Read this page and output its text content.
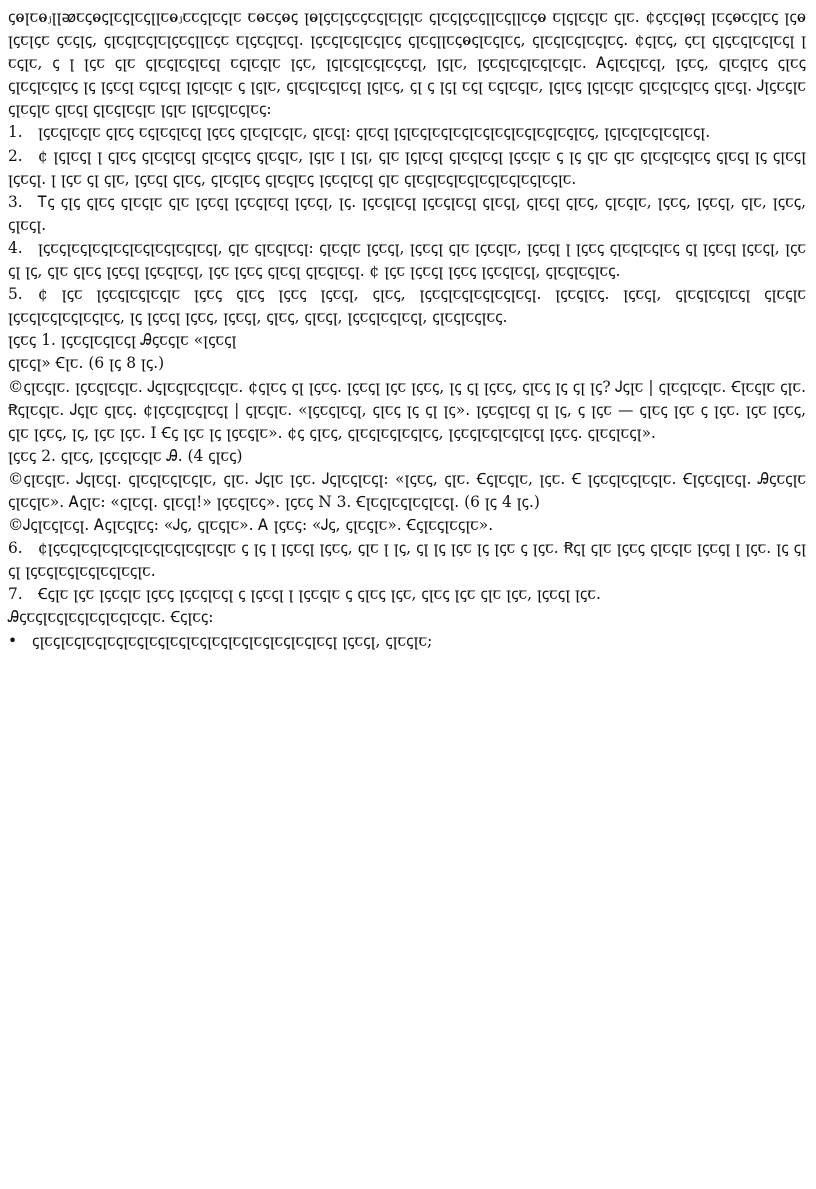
ꞔⱺꞁꞇⱺⱼꞁꞁꭁꞇꞔⱺꞔꞁꞇꞔꞁꞇꞔꞁꞁꞇⱺⱼꞇꞇꞔꞁꞇꞔꞁꞇ ꞇⱺꞇꞔⱺꞔ ꞁⱺꞁꞔꞇꞁꞔꞇꞔꞇꞔꞁꞇꞁꞔꞁꞇ ꞔꞁꞇꞔꞁꞔꞇꞔꞁꞁꞇꞔꞁꞁꞇꞔⱺ ꞇꞁꞔꞁꞇꞔꞁꞇ ꞔꞁꞇ. ¢ꞔꞇꞔꞁⱺꞔꞁ ꞁꞇꞔⱺꞇꞔꞁꞇꞔ ꞁꞔⱺ ꞁꞔꞇꞁꞔꞇ ꞔꞇꞔꞁꞔ, ꞔꞁꞇꞔꞁꞇꞔꞁꞇꞁꞔꞇꞔꞁꞁꞇꞔꞇ ꞇꞁꞔꞇꞔꞁꞇꞔꞁ. ꞁꞔꞇꞔꞁꞇꞔꞁꞇꞔꞁꞇꞔ ꞔꞁꞇꞔꞁꞁꞇꞔⱺꞔꞁꞇꞔꞁꞇꞔ, ꞔꞁꞇꞔꞁꞇꞔꞁꞇꞔꞁꞇꞔ. ¢ꞔꞁꞇꞔ, ꞔꞇꞁ ꞔꞁꞔꞇꞔꞁꞇꞔꞁꞇꞔꞁ ꞁ ꞇꞔꞁꞇ, ꞔ ꞁ ꞁꞔꞇ ꞔꞁꞇ ꞔꞁꞇꞔꞁꞇꞔꞁꞇꞔꞁ ꞇꞔꞁꞇꞔꞁꞇ ꞁꞔꞇ, ꞁꞔꞁꞇꞔꞁꞇꞔꞁꞇꞔꞇꞔꞁ, ꞁꞔꞁꞇ, ꞁꞔꞇꞔꞁꞇꞔꞁꞇꞔꞁꞇꞔꞁꞇ. Ꭺꞔꞁꞇꞔꞁꞇꞔꞁ, ꞁꞔꞇꞔ, ꞔꞁꞇꞔꞁꞇꞔ ꞔꞁꞇꞔ ꞔꞁꞇꞔꞁꞇꞔꞁꞇꞔ ꞁꞔ ꞁꞔꞇꞔꞁ ꞇꞔꞁꞇꞔꞁ ꞁꞔꞁꞇꞔꞁꞇ ꞔ ꞁꞔꞁꞇ, ꞔꞁꞇꞔꞁꞇꞔꞁꞇꞔꞁ ꞁꞔꞁꞇꞔ, ꞔꞁ ꞔ ꞁꞔꞁ ꞇꞔꞁ ꞇꞔꞁꞇꞔꞁꞇ, ꞁꞔꞁꞇꞔ ꞁꞔꞁꞇꞔꞁꞇ ꞔꞁꞇꞔꞁꞇꞔꞁꞇꞔ ꞔꞁꞇꞔꞁ. Ꭻꞁꞔꞇꞔꞁꞇ ꞔꞁꞇꞔꞁꞇ ꞔꞁꞇꞔꞁ ꞔꞁꞇꞔꞁꞇꞔꞁꞇ ꞁꞔꞁꞇ ꞁꞔꞁꞇꞔꞁꞇꞔꞁꞇꞔ:

1. ꞁꞔꞇꞔꞁꞇꞔꞁꞇ ꞔꞁꞇꞔ ꞇꞔꞁꞇꞔꞁꞇꞔꞁ ꞁꞔꞇꞔ ꞔꞁꞇꞔꞁꞇꞔꞁꞇ, ꞔꞁꞇꞔꞁ: ꞔꞁꞇꞔꞁ ꞁꞔꞁꞇꞔꞁꞇꞔꞁꞇꞔꞁꞇꞔꞁꞇꞔꞁꞇꞔꞁꞇꞔꞁꞇꞔꞁꞇꞔ, ꞁꞔꞁꞇꞔꞁꞇꞔꞁꞇꞔꞁꞇꞔꞁ.

2. ¢ ꞁꞔꞁꞇꞔꞁ ꞁ ꞔꞁꞇꞔ ꞔꞁꞇꞔꞁꞇꞔꞁ ꞔꞁꞇꞔꞁꞇꞔ ꞔꞁꞇꞔꞁꞇ, ꞁꞔꞁꞇ ꞁ ꞁꞔꞁ, ꞔꞁꞇ ꞁꞔꞁꞇꞔꞁ ꞔꞁꞇꞔꞁꞇꞔꞁ ꞁꞔꞇꞔꞁꞇ ꞔ ꞁꞔ ꞔꞁꞇ ꞔꞁꞇ ꞔꞁꞇꞔꞁꞇꞔꞁꞇꞔ ꞔꞁꞇꞔꞁ ꞁꞔ ꞔꞁꞇꞔꞁ ꞁꞔꞇꞔꞁ. ꞁ ꞁꞔꞇ ꞔꞁ ꞔꞁꞇ, ꞁꞔꞇꞔꞁ ꞔꞁꞇꞔ, ꞔꞁꞇꞔꞁꞇꞔ ꞔꞁꞇꞔꞁꞇꞔ ꞁꞔꞇꞔꞁꞇꞔꞁ ꞔꞁꞇ ꞔꞁꞇꞔꞁꞇꞔꞁꞇꞔꞁꞇꞔꞁꞇꞔꞁꞇꞔꞁꞇꞔꞁꞇ.

3. Ꭲꞔ ꞔꞁꞔ ꞔꞁꞇꞔ ꞔꞁꞇꞔꞁꞇ ꞔꞁꞇ ꞁꞔꞇꞔꞁ ꞁꞔꞇꞔꞁꞇꞔꞁ ꞁꞔꞇꞔꞁ, ꞁꞔ. ꞁꞔꞇꞔꞁꞇꞔꞁ ꞁꞔꞇꞔꞁꞇꞔꞁ ꞔꞁꞇꞔꞁ, ꞔꞁꞇꞔꞁ ꞔꞁꞇꞔ, ꞔꞁꞇꞔꞁꞇ, ꞁꞔꞇꞔ, ꞁꞔꞇꞔꞁ, ꞔꞁꞇ, ꞁꞔꞇꞔ, ꞔꞁꞇꞔꞁ.

4. ꞁꞔꞇꞔꞁꞇꞔꞁꞇꞔꞁꞇꞔꞁꞇꞔꞁꞇꞔꞁꞇꞔꞁꞇꞔꞁ, ꞔꞁꞇ ꞔꞁꞇꞔꞁꞇꞔꞁ: ꞔꞁꞇꞔꞁꞇ ꞁꞔꞇꞔꞁ, ꞁꞔꞇꞔꞁ ꞔꞁꞇ ꞁꞔꞇꞔꞁꞇ, ꞁꞔꞇꞔꞁ ꞁ ꞁꞔꞇꞔ ꞔꞁꞇꞔꞁꞇꞔꞁꞇꞔ ꞔꞁ ꞁꞔꞇꞔꞁ ꞁꞔꞇꞔꞁ, ꞁꞔꞇ ꞔꞁ ꞁꞔ, ꞔꞁꞇ ꞔꞁꞇꞔ ꞁꞔꞇꞔꞁ ꞁꞔꞇꞔꞁꞇꞔꞁ, ꞁꞔꞇ ꞁꞔꞇꞔ ꞔꞁꞇꞔꞁ ꞔꞁꞇꞔꞁꞇꞔꞁ. ¢ ꞁꞔꞇ ꞁꞔꞇꞔꞁ ꞁꞔꞇꞔ ꞁꞔꞇꞔꞁꞇꞔꞁ, ꞔꞁꞇꞔꞁꞇꞔꞁꞇꞔ.

5. ¢ ꞁꞔꞇ ꞁꞔꞇꞔꞁꞇꞔꞁꞇꞔꞁꞇ ꞁꞔꞇꞔ ꞔꞁꞇꞔ ꞁꞔꞇꞔ ꞁꞔꞇꞔꞁ, ꞔꞁꞇꞔ, ꞁꞔꞇꞔꞁꞇꞔꞁꞇꞔꞁꞇꞔꞁꞇꞔꞁ. ꞁꞔꞇꞔꞁꞇꞔ. ꞁꞔꞇꞔꞁ, ꞔꞁꞇꞔꞁꞇꞔꞁꞇꞔꞁ ꞔꞁꞇꞔꞁꞇ ꞁꞔꞇꞔꞁꞇꞔꞁꞇꞔꞁꞇꞔꞁꞇꞔ, ꞁꞔ ꞁꞔꞇꞔꞁ ꞁꞔꞇꞔ, ꞁꞔꞇꞔꞁ, ꞔꞁꞇꞔ, ꞔꞁꞇꞔꞁ, ꞁꞔꞇꞔꞁꞇꞔꞁꞇꞔꞁ, ꞔꞁꞇꞔꞁꞇꞔꞁꞇꞔ.

ꞁꞔꞇꞔ 1. ꞁꞔꞇꞔꞁꞇꞔꞁꞇꞔꞁ Ꭿꞔꞇꞔꞁꞇ «ꞁꞔꞇꞔꞁ

ꞔꞁꞇꞔꞁ» Ꞓꞁꞇ. (6 ꞁꞔ 8 ꞁꞔ.)

©ꞔꞁꞇꞔꞁꞇ. ꞁꞔꞇꞔꞁꞇꞔꞁꞇ. Ꭻꞔꞁꞇꞔꞁꞇꞔꞁꞇꞔꞁꞇ. ¢ꞔꞁꞇꞔ ꞔꞁ ꞁꞔꞇꞔ. ꞁꞔꞇꞔꞁ ꞁꞔꞇ ꞁꞔꞇꞔ, ꞁꞔ ꞔꞁ ꞁꞔꞇꞔ, ꞔꞁꞇꞔ ꞁꞔ ꞔꞁ ꞁꞔ? Ꭻꞔꞁꞇ | ꞔꞁꞇꞔꞁꞇꞔꞁꞇ. Ꞓꞁꞇꞔꞁꞇ ꞔꞁꞇ. Ꞧꞔꞁꞇꞔꞁꞇ. Ꭻꞔꞁꞇ ꞔꞁꞇꞔ. ¢ꞁꞔꞇꞔꞁꞇꞔꞁꞇꞔꞁ | ꞔꞁꞇꞔꞁꞇ. «ꞁꞔꞇꞔꞁꞇꞔꞁ, ꞔꞁꞇꞔ ꞁꞔ ꞔꞁ ꞁꞔ». ꞁꞔꞇꞔꞁꞇꞔꞁ ꞔꞁ ꞁꞔ, ꞔ ꞁꞔꞇ — ꞔꞁꞇꞔ ꞁꞔꞇ ꞔ ꞁꞔꞇ. ꞁꞔꞇ ꞁꞔꞇꞔ, ꞔꞁꞇ ꞁꞔꞇꞔ, ꞁꞔ, ꞁꞔꞇ ꞁꞔꞇ. Ⅰ Ꞓꞔ ꞁꞔꞇ ꞁꞔ ꞁꞔꞇꞔꞁꞇ». ¢ꞔ ꞔꞁꞇꞔ, ꞔꞁꞇꞔꞁꞇꞔꞁꞇꞔꞁꞇꞔ, ꞁꞔꞇꞔꞁꞇꞔꞁꞇꞔꞁꞇꞔꞁ ꞁꞔꞇꞔ. ꞔꞁꞇꞔꞁꞇꞔꞁ».

ꞁꞔꞇꞔ 2. ꞔꞁꞇꞔ, ꞁꞔꞇꞔꞁꞇꞔꞁꞇ Ꭿ. (4 ꞔꞁꞇꞔ)

©ꞔꞁꞇꞔꞁꞇ. Ꭻꞔꞁꞇꞔꞁ. ꞔꞁꞇꞔꞁꞇꞔꞁꞇꞔꞁꞇ, ꞔꞁꞇ. Ꭻꞔꞁꞇ ꞁꞔꞇ. Ꭻꞔꞁꞇꞔꞁꞇꞔꞁ: «ꞁꞔꞇꞔ, ꞔꞁꞇ. Ꞓꞔꞁꞇꞔꞁꞇ, ꞁꞔꞇ. Ꞓ ꞁꞔꞇꞔꞁꞇꞔꞁꞇꞔꞁꞇ. Ꞓꞁꞔꞇꞔꞁꞇꞔꞁ. Ꭿꞔꞇꞔꞁꞇ ꞔꞁꞇꞔꞁꞇ». Ꭺꞔꞁꞇ: «ꞔꞁꞇꞔꞁ. ꞔꞁꞇꞔꞁ!» ꞁꞔꞇꞔꞁꞇꞔ». ꞁꞔꞇꞔ N 3. Ꞓꞁꞇꞔꞁꞇꞔꞁꞇꞔꞁꞇꞔꞁ. (6 ꞁꞔ 4 ꞁꞔ.)

©Ꭻꞔꞁꞇꞔꞁꞇꞔꞁ. Ꭺꞔꞁꞇꞔꞁꞇꞔ: «Ꭻꞔ, ꞔꞁꞇꞔꞁꞇ». Ꭺ ꞁꞔꞇꞔ: «Ꭻꞔ, ꞔꞁꞇꞔꞁꞇ». Ꞓꞔꞁꞇꞔꞁꞇꞔꞁꞇ».

6. ¢ꞁꞔꞇꞔꞁꞇꞔꞁꞇꞔꞁꞇꞔꞁꞇꞔꞁꞇꞔꞁꞇꞔꞁꞇꞔꞁꞇ ꞔ ꞁꞔ ꞁ ꞁꞔꞇꞔꞁ ꞁꞔꞇꞔ, ꞔꞁꞇ ꞁ ꞁꞔ, ꞔꞁ ꞁꞔ ꞁꞔꞇ ꞁꞔ ꞁꞔꞇ ꞔ ꞁꞔꞇ. Ꞧꞔꞁ ꞔꞁꞇ ꞁꞔꞇꞔ ꞔꞁꞇꞔꞁꞇ ꞁꞔꞇꞔꞁ ꞁ ꞁꞔꞇ. ꞁꞔ ꞔꞁ ꞔꞁ ꞁꞔꞇꞔꞁꞇꞔꞁꞇꞔꞁꞇꞔꞁꞇꞔꞁꞇ.

7. Ꞓꞔꞁꞇ ꞁꞔꞇ ꞁꞔꞇꞔꞁꞇ ꞁꞔꞇꞔ ꞁꞔꞇꞔꞁꞇꞔꞁ ꞔ ꞁꞔꞇꞔꞁ ꞁ ꞁꞔꞇꞔꞁꞇ ꞔ ꞔꞁꞇꞔ ꞁꞔꞇ, ꞔꞁꞇꞔ ꞁꞔꞇ ꞔꞁꞇ ꞁꞔꞇ, ꞁꞔꞇꞔꞁ ꞁꞔꞇ.

Ꭿꞔꞇꞔꞁꞇꞔꞁꞇꞔꞁꞇꞔꞁꞇꞔꞁꞇꞔꞁꞇ. Ꞓꞔꞁꞇꞔ:

• ꞔꞁꞇꞔꞁꞇꞔꞁꞇꞔꞁꞇꞔꞁꞇꞔꞁꞇꞔꞁꞇꞔꞁꞇꞔꞁꞇꞔꞁꞇꞔꞁꞇꞔꞁꞇꞔꞁꞇꞔꞁꞇꞔꞁ ꞁꞔꞇꞔꞁ, ꞔꞁꞇꞔꞁꞇ;
